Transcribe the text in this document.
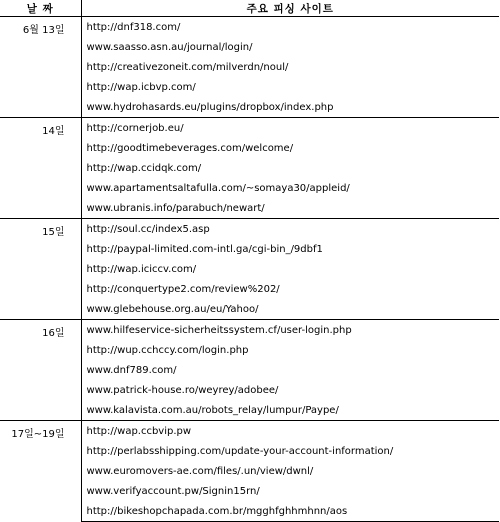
날 짜	주요 피싱 사이트
6월 13일	http://dnf318.com/
	www.saasso.asn.au/journal/login/
	http://creativezoneit.com/milverdn/noul/
	http://wap.icbvp.com/
	www.hydrohasards.eu/plugins/dropbox/index.php
14일	http://cornerjob.eu/
	http://goodtimebeverages.com/welcome/
	http://wap.ccidqk.com/
	www.apartamentsaltafulla.com/~somaya30/appleid/
	www.ubranis.info/parabuch/newart/
15일	http://soul.cc/index5.asp
	http://paypal-limited.com-intl.ga/cgi-bin_/9dbf1
	http://wap.iciccv.com/
	http://conquertype2.com/review%202/
	www.glebehouse.org.au/eu/Yahoo/
16일	www.hilfeservice-sicherheitssystem.cf/user-login.php
	http://wup.cchccy.com/login.php
	www.dnf789.com/
	www.patrick-house.ro/weyrey/adobee/
	www.kalavista.com.au/robots_relay/lumpur/Paype/
17일~19일	http://wap.ccbvip.pw
	http://perlabsshipping.com/update-your-account-information/
	www.euromovers-ae.com/files/.un/view/dwnl/
	www.verifyaccount.pw/Signin15rn/
	http://bikeshopchapada.com.br/mgghfghhmhnn/aos
